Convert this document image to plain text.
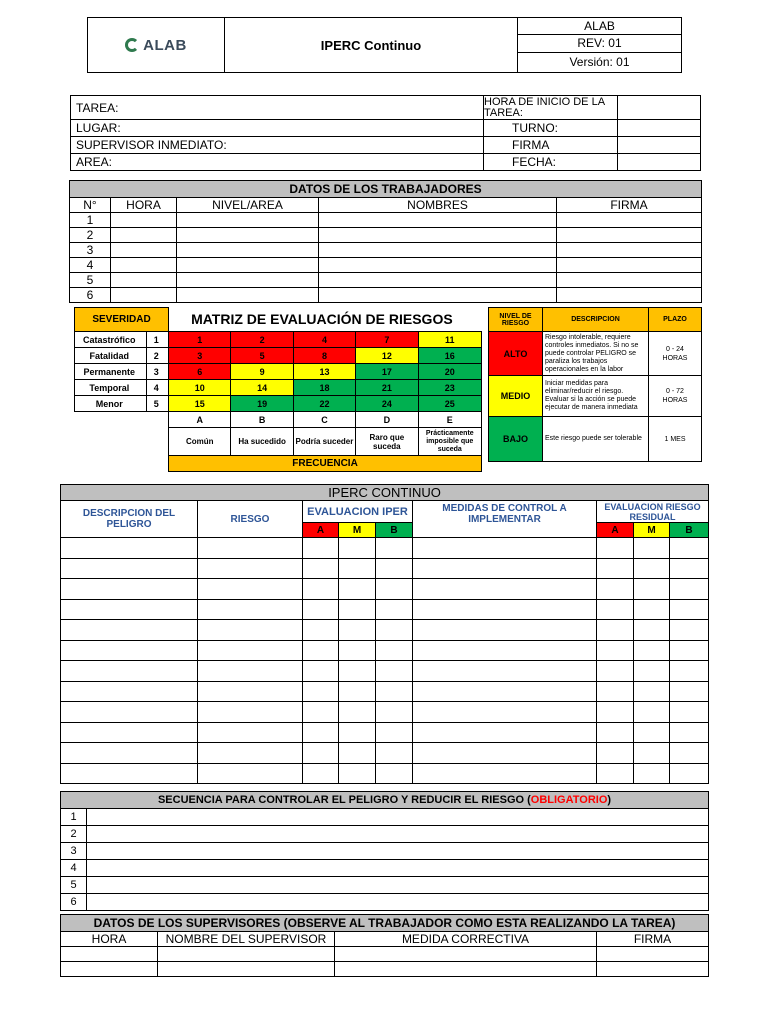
ALAB	IPERC Continuo	ALAB
REV: 01
Versión: 01
TAREA:	HORA DE INICIO DE LA TAREA:	
LUGAR:	TURNO:	
SUPERVISOR INMEDIATO:	FIRMA	
AREA:	FECHA:	
DATOS DE LOS TRABAJADORES				
N°	HORA	NIVEL/AREA	NOMBRES	FIRMA
1				
2				
3				
4				
5				
6				
SEVERIDAD		MATRIZ DE EVALUACIÓN DE RIESGOS				
Catastrófico	1	1	2	4	7	11
Fatalidad	2	3	5	8	12	16
Permanente	3	6	9	13	17	20
Temporal	4	10	14	18	21	23
Menor	5	15	19	22	24	25
		A	B	C	D	E
		Común	Ha sucedido	Podría suceder	Raro que suceda	Prácticamente imposible que suceda
		FRECUENCIA				
NIVEL DE RIESGO	DESCRIPCION	PLAZO
ALTO	Riesgo intolerable, requiere controles inmediatos. Si no se puede controlar PELIGRO se paraliza los trabajos operacionales en la labor	0 - 24 HORAS
MEDIO	Iniciar medidas para eliminar/reducir el riesgo. Evaluar si la acción se puede ejecutar de manera inmediata	0 - 72 HORAS
BAJO	Este riesgo puede ser tolerable	1 MES
IPERC CONTINUO								
DESCRIPCION DEL PELIGRO	RIESGO	EVALUACION IPER			MEDIDAS DE CONTROL A IMPLEMENTAR	EVALUACION RIESGO RESIDUAL		
		A	M	B		A	M	B

SECUENCIA PARA CONTROLAR EL PELIGRO Y REDUCIR EL RIESGO (OBLIGATORIO)	
1	
2	
3	
4	
5	
6	
DATOS DE LOS SUPERVISORES (OBSERVE AL TRABAJADOR COMO ESTA REALIZANDO LA TAREA)			
HORA	NOMBRE DEL SUPERVISOR	MEDIDA CORRECTIVA	FIRMA
